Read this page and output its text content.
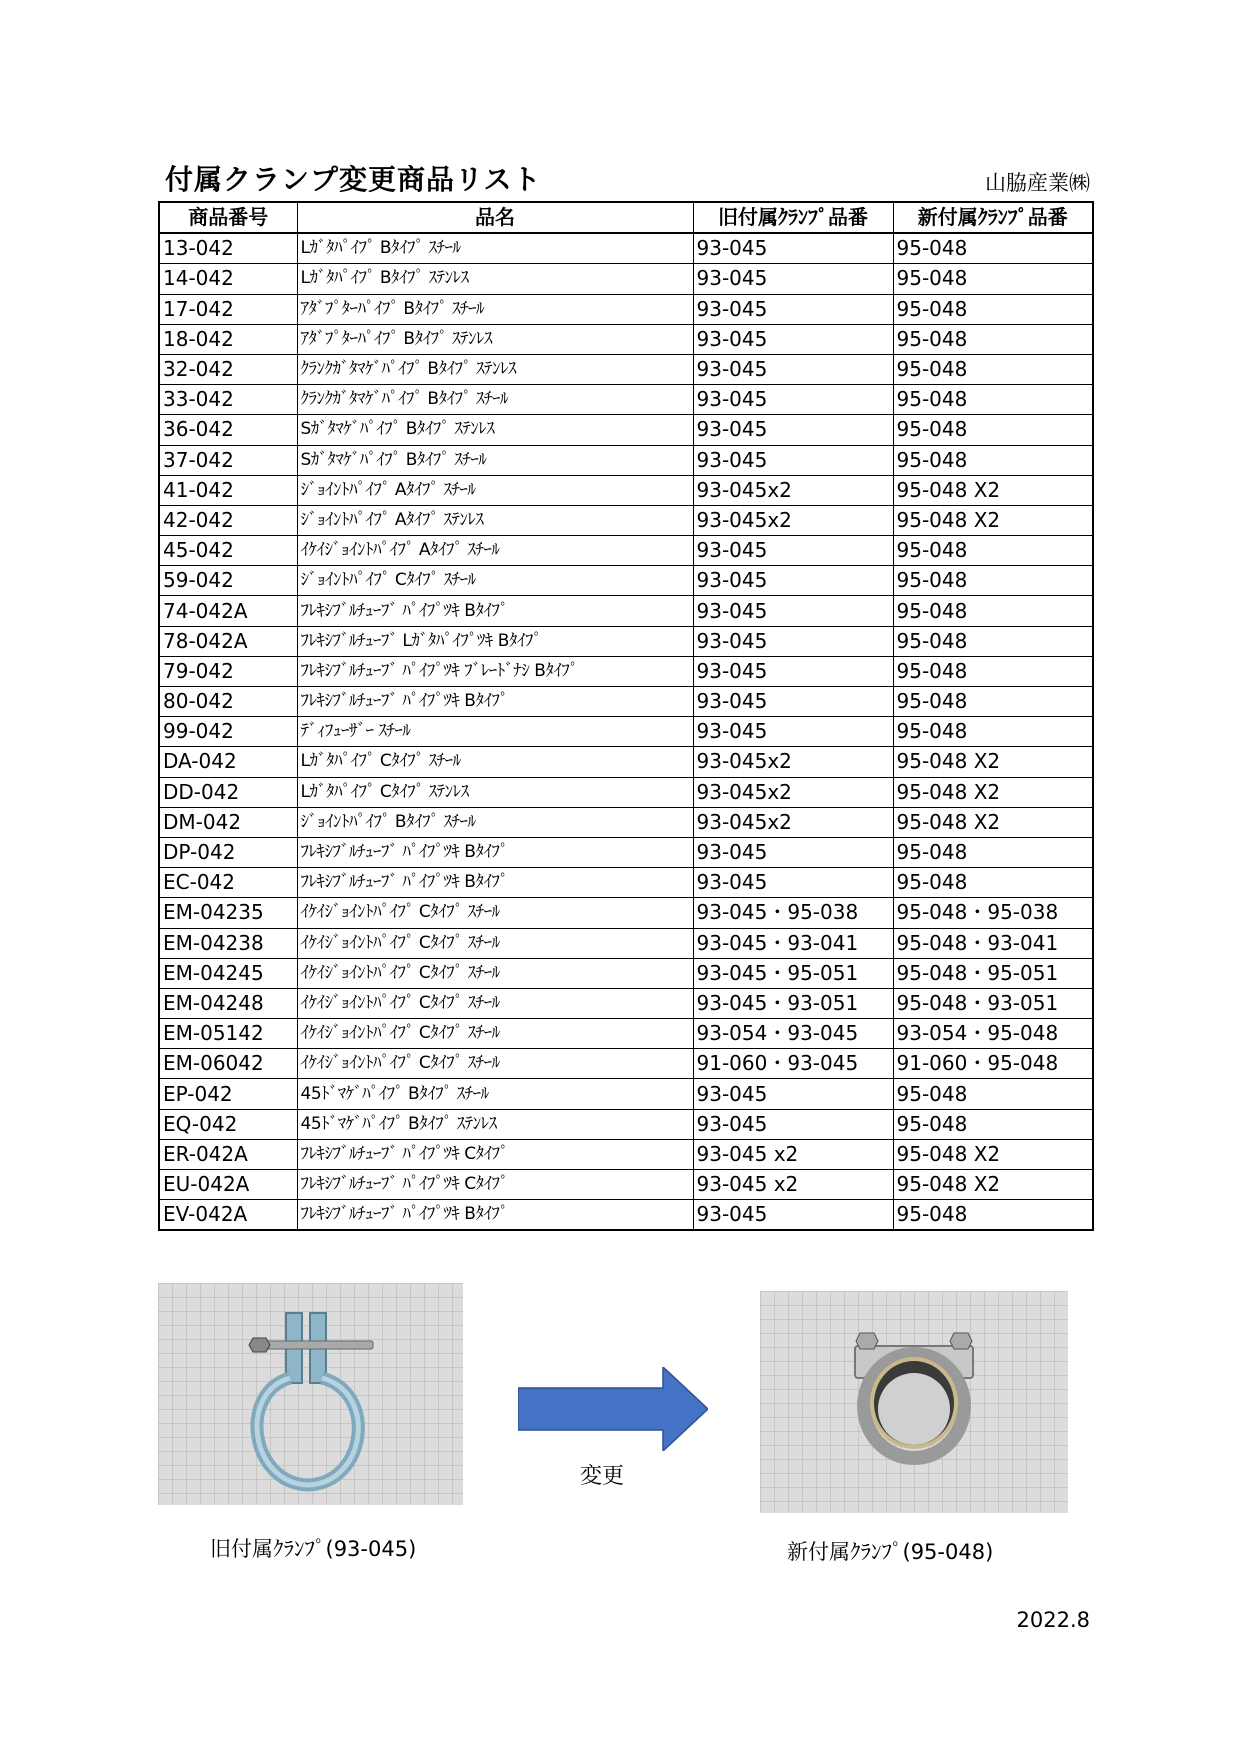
付属クランプ変更商品リスト	山脇産業㈱
商品番号	品名	旧付属ｸﾗﾝﾌﾟ品番	新付属ｸﾗﾝﾌﾟ品番
13-042	Lｶﾞﾀﾊﾟｲﾌﾟ Bﾀｲﾌﾟ ｽﾁｰﾙ	93-045	95-048
14-042	Lｶﾞﾀﾊﾟｲﾌﾟ Bﾀｲﾌﾟ ｽﾃﾝﾚｽ	93-045	95-048
17-042	ｱﾀﾞﾌﾟﾀｰﾊﾟｲﾌﾟ Bﾀｲﾌﾟ ｽﾁｰﾙ	93-045	95-048
18-042	ｱﾀﾞﾌﾟﾀｰﾊﾟｲﾌﾟ Bﾀｲﾌﾟ ｽﾃﾝﾚｽ	93-045	95-048
32-042	ｸﾗﾝｸｶﾞﾀﾏｹﾞﾊﾟｲﾌﾟ Bﾀｲﾌﾟ ｽﾃﾝﾚｽ	93-045	95-048
33-042	ｸﾗﾝｸｶﾞﾀﾏｹﾞﾊﾟｲﾌﾟ Bﾀｲﾌﾟ ｽﾁｰﾙ	93-045	95-048
36-042	Sｶﾞﾀﾏｹﾞﾊﾟｲﾌﾟ Bﾀｲﾌﾟ ｽﾃﾝﾚｽ	93-045	95-048
37-042	Sｶﾞﾀﾏｹﾞﾊﾟｲﾌﾟ Bﾀｲﾌﾟ ｽﾁｰﾙ	93-045	95-048
41-042	ｼﾞｮｲﾝﾄﾊﾟｲﾌﾟ Aﾀｲﾌﾟ ｽﾁｰﾙ	93-045x2	95-048 X2
42-042	ｼﾞｮｲﾝﾄﾊﾟｲﾌﾟ Aﾀｲﾌﾟ ｽﾃﾝﾚｽ	93-045x2	95-048 X2
45-042	ｲｹｲｼﾞｮｲﾝﾄﾊﾟｲﾌﾟ Aﾀｲﾌﾟ ｽﾁｰﾙ	93-045	95-048
59-042	ｼﾞｮｲﾝﾄﾊﾟｲﾌﾟ Cﾀｲﾌﾟ ｽﾁｰﾙ	93-045	95-048
74-042A	ﾌﾚｷｼﾌﾞﾙﾁｭｰﾌﾞ ﾊﾟｲﾌﾟﾂｷ Bﾀｲﾌﾟ	93-045	95-048
78-042A	ﾌﾚｷｼﾌﾞﾙﾁｭｰﾌﾞ Lｶﾞﾀﾊﾟｲﾌﾟﾂｷ Bﾀｲﾌﾟ	93-045	95-048
79-042	ﾌﾚｷｼﾌﾞﾙﾁｭｰﾌﾞ ﾊﾟｲﾌﾟﾂｷ ﾌﾞﾚｰﾄﾞﾅｼ Bﾀｲﾌﾟ	93-045	95-048
80-042	ﾌﾚｷｼﾌﾞﾙﾁｭｰﾌﾞ ﾊﾟｲﾌﾟﾂｷ Bﾀｲﾌﾟ	93-045	95-048
99-042	ﾃﾞｨﾌｭｰｻﾞｰ ｽﾁｰﾙ	93-045	95-048
DA-042	Lｶﾞﾀﾊﾟｲﾌﾟ Cﾀｲﾌﾟ ｽﾁｰﾙ	93-045x2	95-048 X2
DD-042	Lｶﾞﾀﾊﾟｲﾌﾟ Cﾀｲﾌﾟ ｽﾃﾝﾚｽ	93-045x2	95-048 X2
DM-042	ｼﾞｮｲﾝﾄﾊﾟｲﾌﾟ Bﾀｲﾌﾟ ｽﾁｰﾙ	93-045x2	95-048 X2
DP-042	ﾌﾚｷｼﾌﾞﾙﾁｭｰﾌﾞ ﾊﾟｲﾌﾟﾂｷ Bﾀｲﾌﾟ	93-045	95-048
EC-042	ﾌﾚｷｼﾌﾞﾙﾁｭｰﾌﾞ ﾊﾟｲﾌﾟﾂｷ Bﾀｲﾌﾟ	93-045	95-048
EM-04235	ｲｹｲｼﾞｮｲﾝﾄﾊﾟｲﾌﾟ Cﾀｲﾌﾟ ｽﾁｰﾙ	93-045・95-038	95-048・95-038
EM-04238	ｲｹｲｼﾞｮｲﾝﾄﾊﾟｲﾌﾟ Cﾀｲﾌﾟ ｽﾁｰﾙ	93-045・93-041	95-048・93-041
EM-04245	ｲｹｲｼﾞｮｲﾝﾄﾊﾟｲﾌﾟ Cﾀｲﾌﾟ ｽﾁｰﾙ	93-045・95-051	95-048・95-051
EM-04248	ｲｹｲｼﾞｮｲﾝﾄﾊﾟｲﾌﾟ Cﾀｲﾌﾟ ｽﾁｰﾙ	93-045・93-051	95-048・93-051
EM-05142	ｲｹｲｼﾞｮｲﾝﾄﾊﾟｲﾌﾟ Cﾀｲﾌﾟ ｽﾁｰﾙ	93-054・93-045	93-054・95-048
EM-06042	ｲｹｲｼﾞｮｲﾝﾄﾊﾟｲﾌﾟ Cﾀｲﾌﾟ ｽﾁｰﾙ	91-060・93-045	91-060・95-048
EP-042	45ﾄﾞﾏｹﾞﾊﾟｲﾌﾟ Bﾀｲﾌﾟ ｽﾁｰﾙ	93-045	95-048
EQ-042	45ﾄﾞﾏｹﾞﾊﾟｲﾌﾟ Bﾀｲﾌﾟ ｽﾃﾝﾚｽ	93-045	95-048
ER-042A	ﾌﾚｷｼﾌﾞﾙﾁｭｰﾌﾞ ﾊﾟｲﾌﾟﾂｷ Cﾀｲﾌﾟ	93-045 x2	95-048 X2
EU-042A	ﾌﾚｷｼﾌﾞﾙﾁｭｰﾌﾞ ﾊﾟｲﾌﾟﾂｷ Cﾀｲﾌﾟ	93-045 x2	95-048 X2
EV-042A	ﾌﾚｷｼﾌﾞﾙﾁｭｰﾌﾞ ﾊﾟｲﾌﾟﾂｷ Bﾀｲﾌﾟ	93-045	95-048
変更
旧付属ｸﾗﾝﾌﾟ(93-045)	新付属ｸﾗﾝﾌﾟ(95-048)
2022.8
